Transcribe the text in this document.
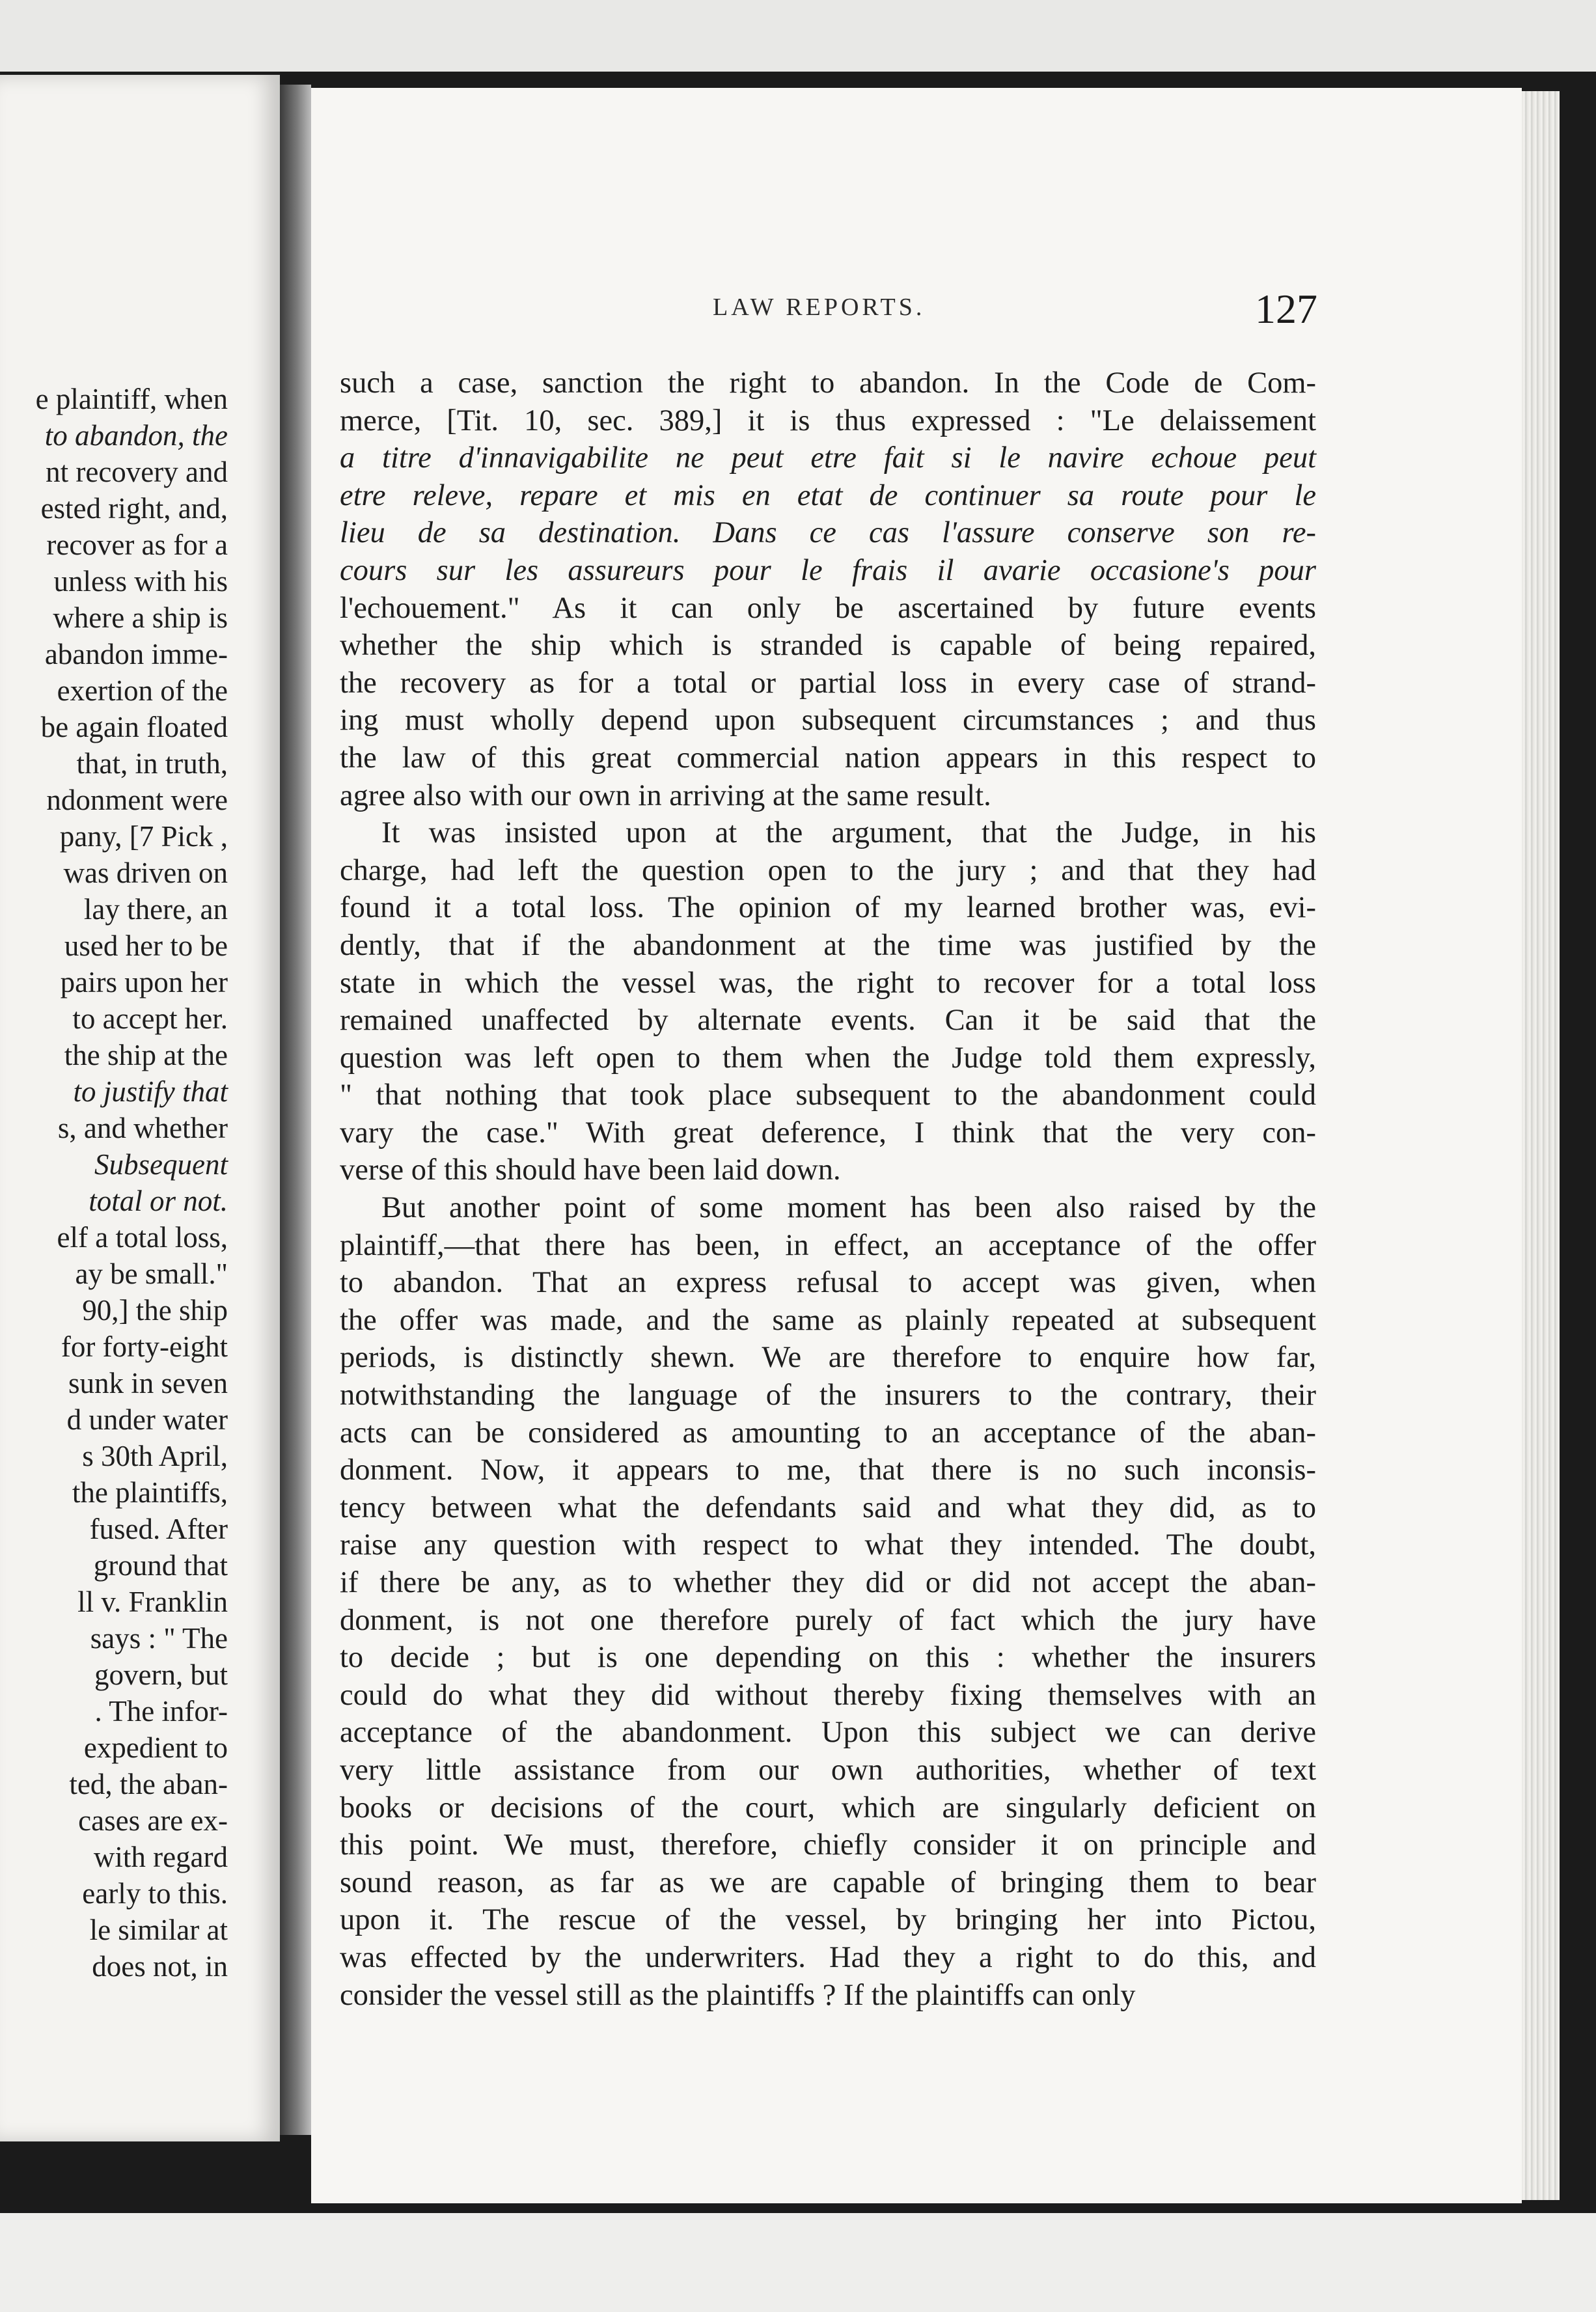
e plaintiff, when
to abandon, the
nt recovery and
ested right, and,
recover as for a
unless with his
where a ship is
abandon imme-
exertion of the
be again floated
that, in truth,
ndonment were
pany, [7 Pick ,
was driven on
lay there, an
used her to be
pairs upon her
to accept her.
the ship at the
to justify that
s, and whether
Subsequent
total or not.
elf a total loss,
ay be small."
90,] the ship
for forty-eight
sunk in seven
d under water
s 30th April,
the plaintiffs,
fused. After
ground that
ll v. Franklin
says : " The
govern, but
. The infor-
expedient to
ted, the aban-
cases are ex-
with regard
early to this.
le similar at
does not, in
LAW REPORTS.	127
such a case, sanction the right to abandon. In the Code de Com-
merce, [Tit. 10, sec. 389,] it is thus expressed : "Le delaissement
a titre d'innavigabilite ne peut etre fait si le navire echoue peut
etre releve, repare et mis en etat de continuer sa route pour le
lieu de sa destination. Dans ce cas l'assure conserve son re-
cours sur les assureurs pour le frais il avarie occasione's pour
l'echouement." As it can only be ascertained by future events
whether the ship which is stranded is capable of being repaired,
the recovery as for a total or partial loss in every case of strand-
ing must wholly depend upon subsequent circumstances ; and thus
the law of this great commercial nation appears in this respect to
agree also with our own in arriving at the same result.
It was insisted upon at the argument, that the Judge, in his
charge, had left the question open to the jury ; and that they had
found it a total loss. The opinion of my learned brother was, evi-
dently, that if the abandonment at the time was justified by the
state in which the vessel was, the right to recover for a total loss
remained unaffected by alternate events. Can it be said that the
question was left open to them when the Judge told them expressly,
" that nothing that took place subsequent to the abandonment could
vary the case." With great deference, I think that the very con-
verse of this should have been laid down.
But another point of some moment has been also raised by the
plaintiff,—that there has been, in effect, an acceptance of the offer
to abandon. That an express refusal to accept was given, when
the offer was made, and the same as plainly repeated at subsequent
periods, is distinctly shewn. We are therefore to enquire how far,
notwithstanding the language of the insurers to the contrary, their
acts can be considered as amounting to an acceptance of the aban-
donment. Now, it appears to me, that there is no such inconsis-
tency between what the defendants said and what they did, as to
raise any question with respect to what they intended. The doubt,
if there be any, as to whether they did or did not accept the aban-
donment, is not one therefore purely of fact which the jury have
to decide ; but is one depending on this : whether the insurers
could do what they did without thereby fixing themselves with an
acceptance of the abandonment. Upon this subject we can derive
very little assistance from our own authorities, whether of text
books or decisions of the court, which are singularly deficient on
this point. We must, therefore, chiefly consider it on principle and
sound reason, as far as we are capable of bringing them to bear
upon it. The rescue of the vessel, by bringing her into Pictou,
was effected by the underwriters. Had they a right to do this, and
consider the vessel still as the plaintiffs ? If the plaintiffs can only
